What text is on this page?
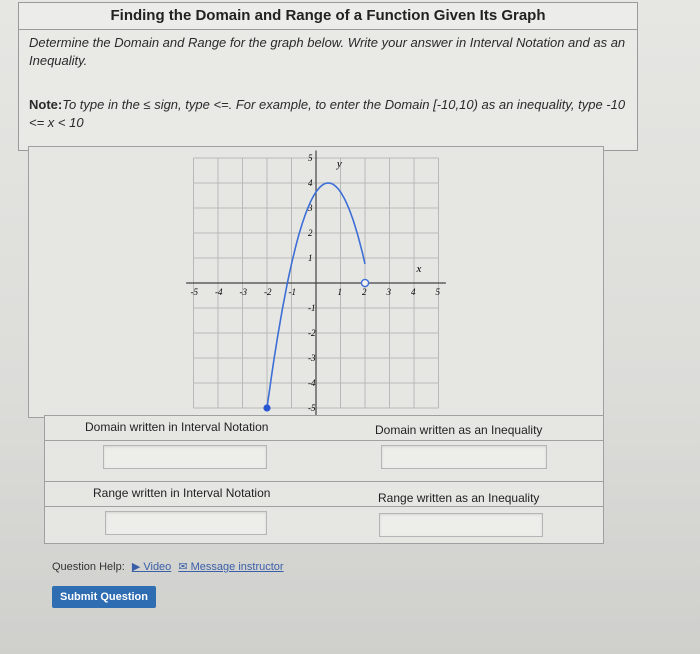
Finding the Domain and Range of a Function Given Its Graph
Determine the Domain and Range for the graph below. Write your answer in Interval Notation and as an Inequality.
Note:To type in the ≤ sign, type <=. For example, to enter the Domain [-10,10) as an inequality, type -10 <= x < 10
-5 -4 -3 -2 -1	1 2 3 4 5
5
4
3
2
1
-1
-2
-3
-4
-5
x
y
Domain written in Interval Notation	Domain written as an Inequality
Range written in Interval Notation	Range written as an Inequality
Question Help: ▶ Video ✉ Message instructor
Submit Question
